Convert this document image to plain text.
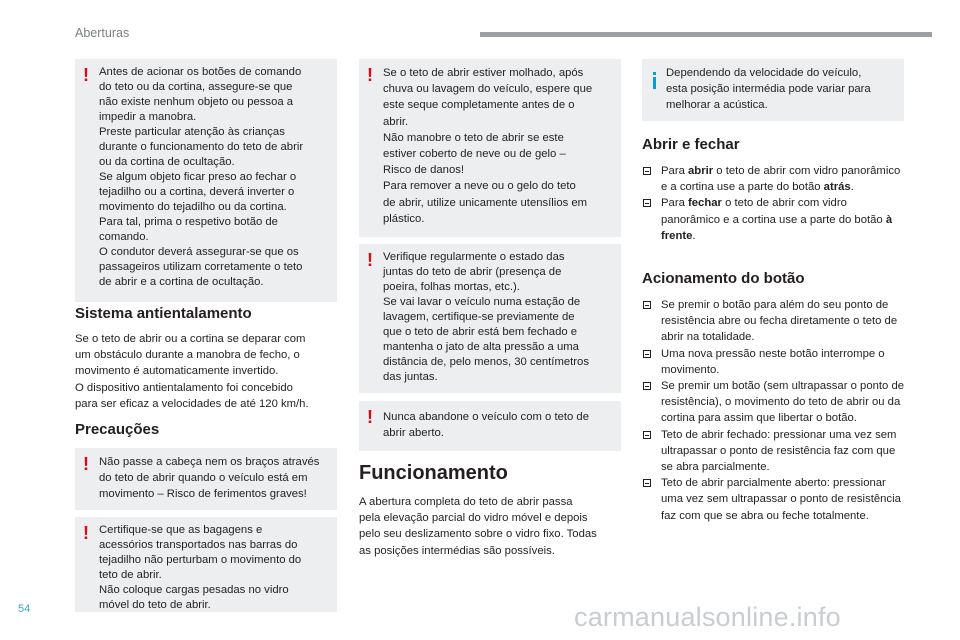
Aberturas
!
Antes de acionar os botões de comando
do teto ou da cortina, assegure-se que
não existe nenhum objeto ou pessoa a
impedir a manobra.
Preste particular atenção às crianças
durante o funcionamento do teto de abrir
ou da cortina de ocultação.
Se algum objeto ficar preso ao fechar o
tejadilho ou a cortina, deverá inverter o
movimento do tejadilho ou da cortina.
Para tal, prima o respetivo botão de
comando.
O condutor deverá assegurar-se que os
passageiros utilizam corretamente o teto
de abrir e a cortina de ocultação.
Sistema antientalamento
Se o teto de abrir ou a cortina se deparar com
um obstáculo durante a manobra de fecho, o
movimento é automaticamente invertido.
O dispositivo antientalamento foi concebido
para ser eficaz a velocidades de até 120 km/h.
Precauções
!
Não passe a cabeça nem os braços através
do teto de abrir quando o veículo está em
movimento – Risco de ferimentos graves!
!
Certifique-se que as bagagens e
acessórios transportados nas barras do
tejadilho não perturbam o movimento do
teto de abrir.
Não coloque cargas pesadas no vidro
móvel do teto de abrir.
!
Se o teto de abrir estiver molhado, após
chuva ou lavagem do veículo, espere que
este seque completamente antes de o
abrir.
Não manobre o teto de abrir se este
estiver coberto de neve ou de gelo –
Risco de danos!
Para remover a neve ou o gelo do teto
de abrir, utilize unicamente utensílios em
plástico.
!
Verifique regularmente o estado das
juntas do teto de abrir (presença de
poeira, folhas mortas, etc.).
Se vai lavar o veículo numa estação de
lavagem, certifique-se previamente de
que o teto de abrir está bem fechado e
mantenha o jato de alta pressão a uma
distância de, pelo menos, 30 centímetros
das juntas.
!
Nunca abandone o veículo com o teto de
abrir aberto.
Funcionamento
A abertura completa do teto de abrir passa
pela elevação parcial do vidro móvel e depois
pelo seu deslizamento sobre o vidro fixo. Todas
as posições intermédias são possíveis.
Dependendo da velocidade do veículo,
esta posição intermédia pode variar para
melhorar a acústica.
Abrir e fechar
Para abrir o teto de abrir com vidro panorâmico e a cortina use a parte do botão atrás.
Para fechar o teto de abrir com vidro panorâmico e a cortina use a parte do botão à frente.
Acionamento do botão
Se premir o botão para além do seu ponto de resistência abre ou fecha diretamente o teto de abrir na totalidade.
Uma nova pressão neste botão interrompe o movimento.
Se premir um botão (sem ultrapassar o ponto de resistência), o movimento do teto de abrir ou da cortina para assim que libertar o botão.
Teto de abrir fechado: pressionar uma vez sem ultrapassar o ponto de resistência faz com que se abra parcialmente.
Teto de abrir parcialmente aberto: pressionar uma vez sem ultrapassar o ponto de resistência faz com que se abra ou feche totalmente.
54	carmanualsonline.info
